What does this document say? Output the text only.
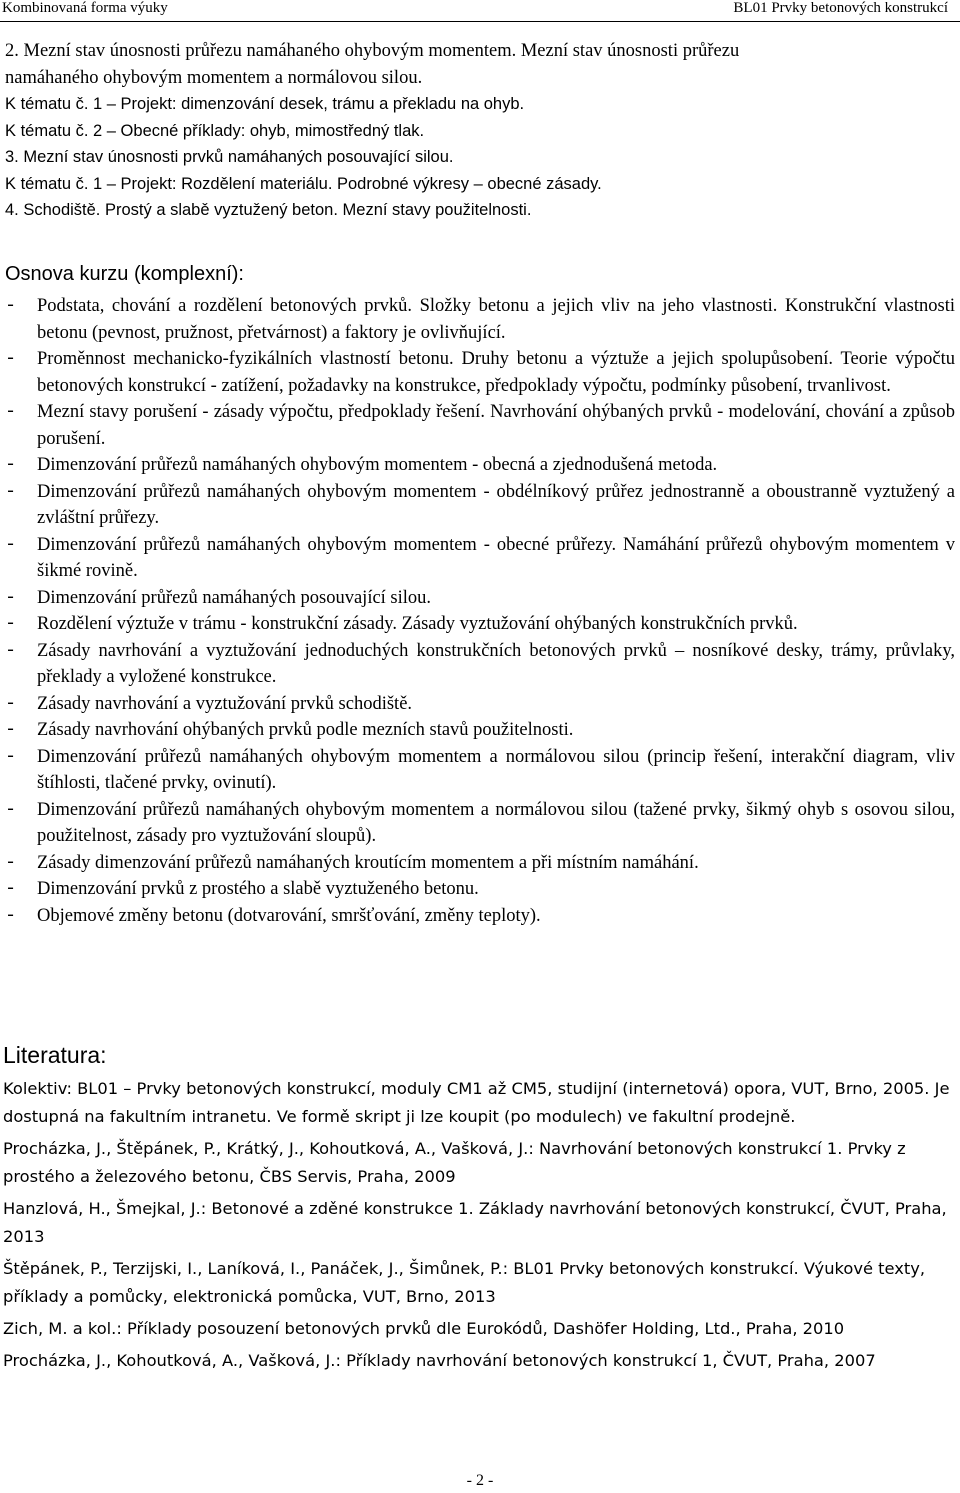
Kombinovaná forma výuky	BL01 Prvky betonových konstrukcí
2. Mezní stav únosnosti průřezu namáhaného ohybovým momentem. Mezní stav únosnosti průřezu
namáhaného ohybovým momentem a normálovou silou.
K tématu č. 1 – Projekt: dimenzování desek, trámu a překladu na ohyb.
K tématu č. 2 – Obecné příklady: ohyb, mimostředný tlak.
3. Mezní stav únosnosti prvků namáhaných posouvající silou.
K tématu č. 1 – Projekt: Rozdělení materiálu. Podrobné výkresy – obecné zásady.
4. Schodiště. Prostý a slabě vyztužený beton. Mezní stavy použitelnosti.
Osnova kurzu (komplexní):
- Podstata, chování a rozdělení betonových prvků. Složky betonu a jejich vliv na jeho vlastnosti. Konstrukční vlastnosti betonu (pevnost, pružnost, přetvárnost) a faktory je ovlivňující.
- Proměnnost mechanicko-fyzikálních vlastností betonu. Druhy betonu a výztuže a jejich spolupůsobení. Teorie výpočtu betonových konstrukcí - zatížení, požadavky na konstrukce, předpoklady výpočtu, podmínky působení, trvanlivost.
- Mezní stavy porušení - zásady výpočtu, předpoklady řešení. Navrhování ohýbaných prvků - modelování, chování a způsob porušení.
- Dimenzování průřezů namáhaných ohybovým momentem - obecná a zjednodušená metoda.
- Dimenzování průřezů namáhaných ohybovým momentem - obdélníkový průřez jednostranně a oboustranně vyztužený a zvláštní průřezy.
- Dimenzování průřezů namáhaných ohybovým momentem - obecné průřezy. Namáhání průřezů ohybovým momentem v šikmé rovině.
- Dimenzování průřezů namáhaných posouvající silou.
- Rozdělení výztuže v trámu - konstrukční zásady. Zásady vyztužování ohýbaných konstrukčních prvků.
- Zásady navrhování a vyztužování jednoduchých konstrukčních betonových prvků – nosníkové desky, trámy, průvlaky, překlady a vyložené konstrukce.
- Zásady navrhování a vyztužování prvků schodiště.
- Zásady navrhování ohýbaných prvků podle mezních stavů použitelnosti.
- Dimenzování průřezů namáhaných ohybovým momentem a normálovou silou (princip řešení, interakční diagram, vliv štíhlosti, tlačené prvky, ovinutí).
- Dimenzování průřezů namáhaných ohybovým momentem a normálovou silou (tažené prvky, šikmý ohyb s osovou silou, použitelnost, zásady pro vyztužování sloupů).
- Zásady dimenzování průřezů namáhaných kroutícím momentem a při místním namáhání.
- Dimenzování prvků z prostého a slabě vyztuženého betonu.
- Objemové změny betonu (dotvarování, smršťování, změny teploty).
Literatura:

Kolektiv: BL01 – Prvky betonových konstrukcí, moduly CM1 až CM5, studijní (internetová) opora, VUT, Brno, 2005. Je dostupná na fakultním intranetu. Ve formě skript ji lze koupit (po modulech) ve fakultní prodejně.

Procházka, J., Štěpánek, P., Krátký, J., Kohoutková, A., Vašková, J.: Navrhování betonových konstrukcí 1. Prvky z prostého a železového betonu, ČBS Servis, Praha, 2009

Hanzlová, H., Šmejkal, J.: Betonové a zděné konstrukce 1. Základy navrhování betonových konstrukcí, ČVUT, Praha, 2013

Štěpánek, P., Terzijski, I., Laníková, I., Panáček, J., Šimůnek, P.: BL01 Prvky betonových konstrukcí. Výukové texty, příklady a pomůcky, elektronická pomůcka, VUT, Brno, 2013

Zich, M. a kol.: Příklady posouzení betonových prvků dle Eurokódů, Dashöfer Holding, Ltd., Praha, 2010

Procházka, J., Kohoutková, A., Vašková, J.: Příklady navrhování betonových konstrukcí 1, ČVUT, Praha, 2007

- 2 -
